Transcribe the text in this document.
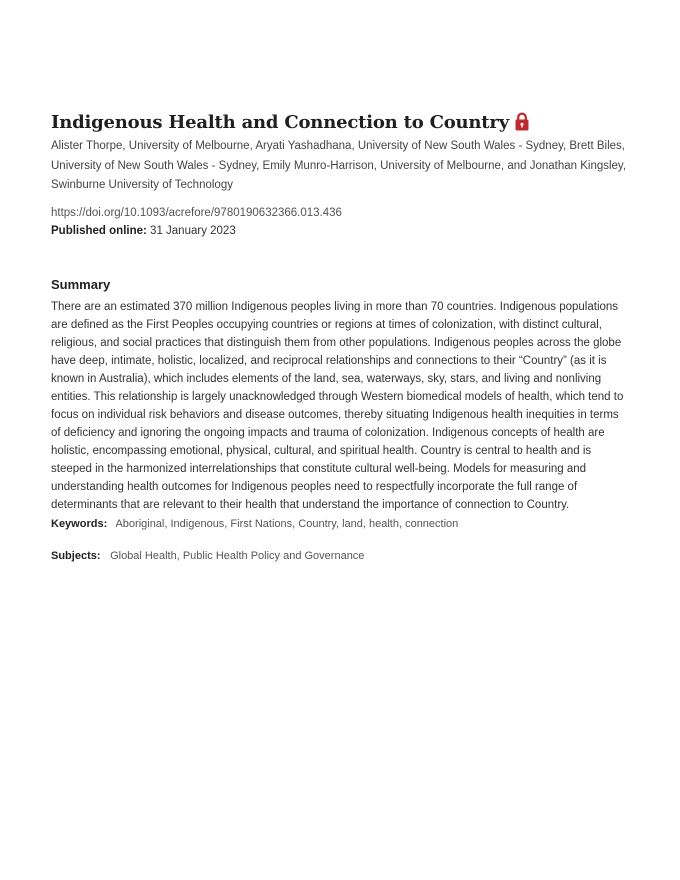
Indigenous Health and Connection to Country
Alister Thorpe, University of Melbourne, Aryati Yashadhana, University of New South Wales - Sydney, Brett Biles, University of New South Wales - Sydney, Emily Munro-Harrison, University of Melbourne, and Jonathan Kingsley, Swinburne University of Technology
https://doi.org/10.1093/acrefore/9780190632366.013.436
Published online: 31 January 2023
Summary
There are an estimated 370 million Indigenous peoples living in more than 70 countries. Indigenous populations are defined as the First Peoples occupying countries or regions at times of colonization, with distinct cultural, religious, and social practices that distinguish them from other populations. Indigenous peoples across the globe have deep, intimate, holistic, localized, and reciprocal relationships and connections to their “Country” (as it is known in Australia), which includes elements of the land, sea, waterways, sky, stars, and living and nonliving entities. This relationship is largely unacknowledged through Western biomedical models of health, which tend to focus on individual risk behaviors and disease outcomes, thereby situating Indigenous health inequities in terms of deficiency and ignoring the ongoing impacts and trauma of colonization. Indigenous concepts of health are holistic, encompassing emotional, physical, cultural, and spiritual health. Country is central to health and is steeped in the harmonized interrelationships that constitute cultural well-being. Models for measuring and understanding health outcomes for Indigenous peoples need to respectfully incorporate the full range of determinants that are relevant to their health that understand the importance of connection to Country.
Keywords: Aboriginal, Indigenous, First Nations, Country, land, health, connection
Subjects: Global Health, Public Health Policy and Governance
